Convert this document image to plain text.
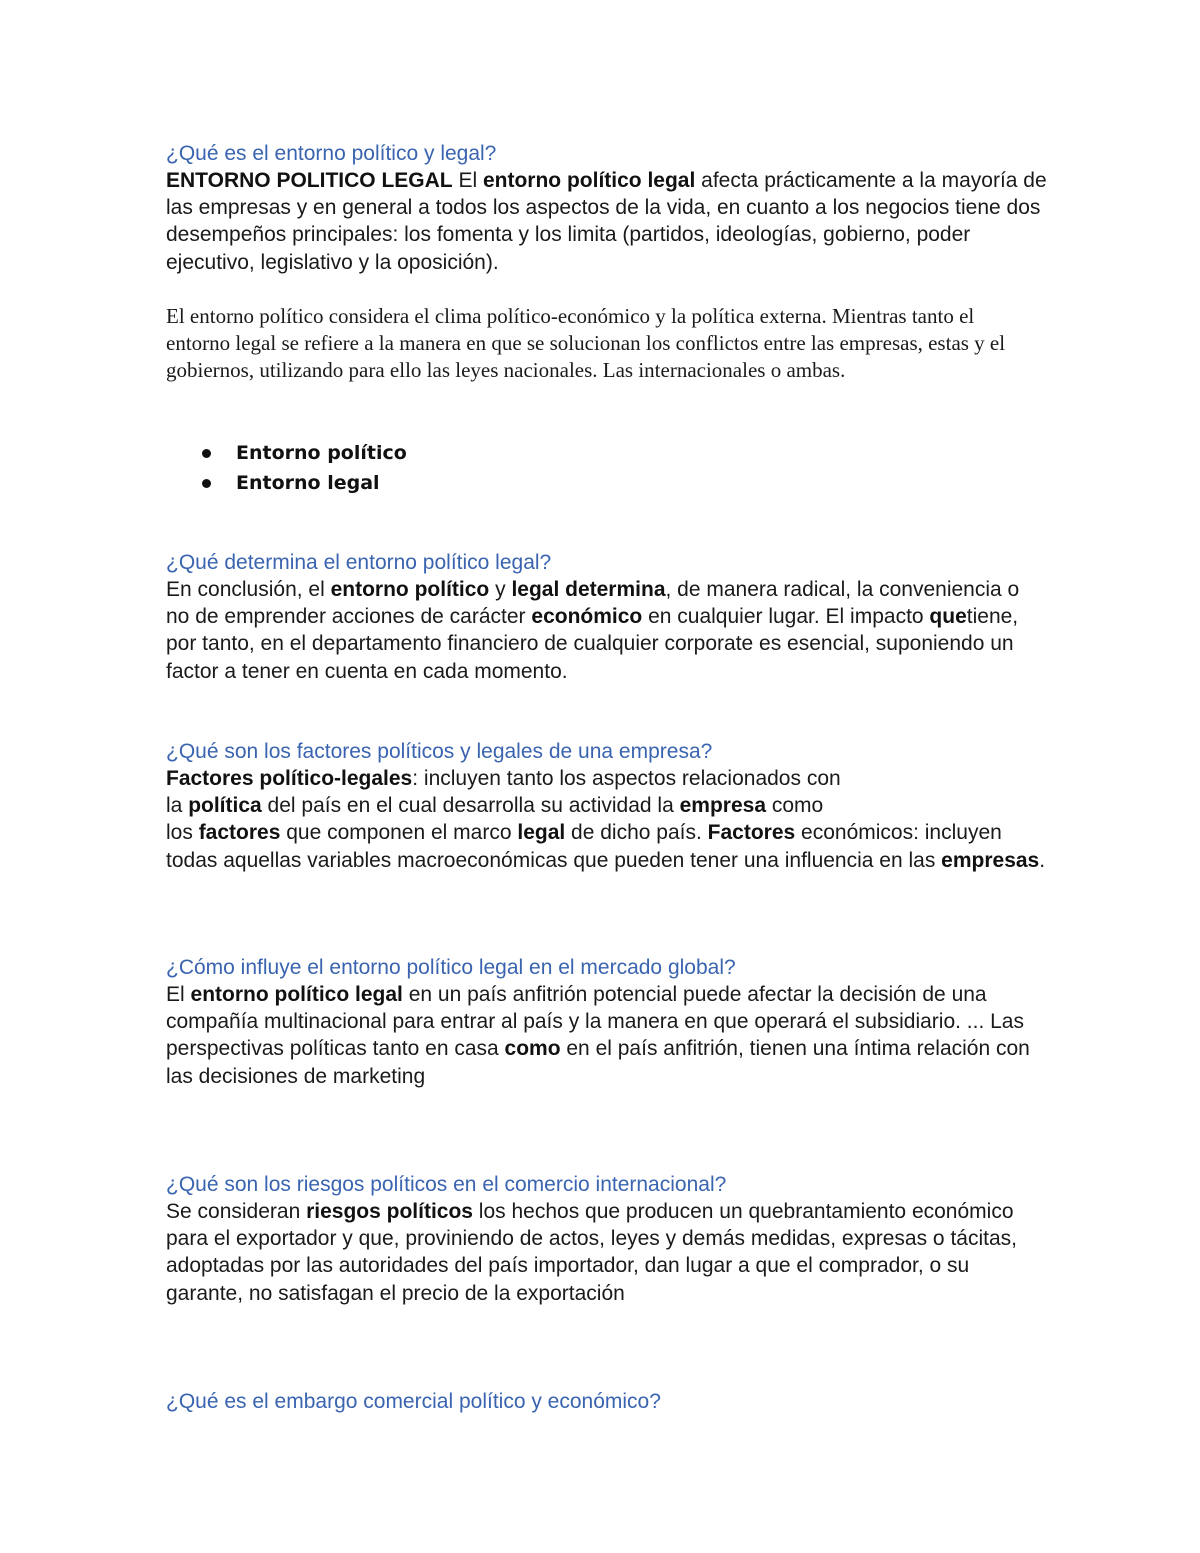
¿Qué es el entorno político y legal?

ENTORNO POLITICO LEGAL El entorno político legal afecta prácticamente a la mayoría de las empresas y en general a todos los aspectos de la vida, en cuanto a los negocios tiene dos desempeños principales: los fomenta y los limita (partidos, ideologías, gobierno, poder ejecutivo, legislativo y la oposición).

El entorno político considera el clima político-económico y la política externa. Mientras tanto el entorno legal se refiere a la manera en que se solucionan los conflictos entre las empresas, estas y el gobiernos, utilizando para ello las leyes nacionales. Las internacionales o ambas.

Entorno político
Entorno legal

¿Qué determina el entorno político legal?

En conclusión, el entorno político y legal determina, de manera radical, la conveniencia o no de emprender acciones de carácter económico en cualquier lugar. El impacto quetiene, por tanto, en el departamento financiero de cualquier corporate es esencial, suponiendo un factor a tener en cuenta en cada momento.

¿Qué son los factores políticos y legales de una empresa?

Factores político-legales: incluyen tanto los aspectos relacionados con
la política del país en el cual desarrolla su actividad la empresa como
los factores que componen el marco legal de dicho país. Factores económicos: incluyen todas aquellas variables macroeconómicas que pueden tener una influencia en las empresas.

¿Cómo influye el entorno político legal en el mercado global?

El entorno político legal en un país anfitrión potencial puede afectar la decisión de una compañía multinacional para entrar al país y la manera en que operará el subsidiario. ... Las perspectivas políticas tanto en casa como en el país anfitrión, tienen una íntima relación con las decisiones de marketing

¿Qué son los riesgos políticos en el comercio internacional?

Se consideran riesgos políticos los hechos que producen un quebrantamiento económico para el exportador y que, proviniendo de actos, leyes y demás medidas, expresas o tácitas, adoptadas por las autoridades del país importador, dan lugar a que el comprador, o su garante, no satisfagan el precio de la exportación

¿Qué es el embargo comercial político y económico?
